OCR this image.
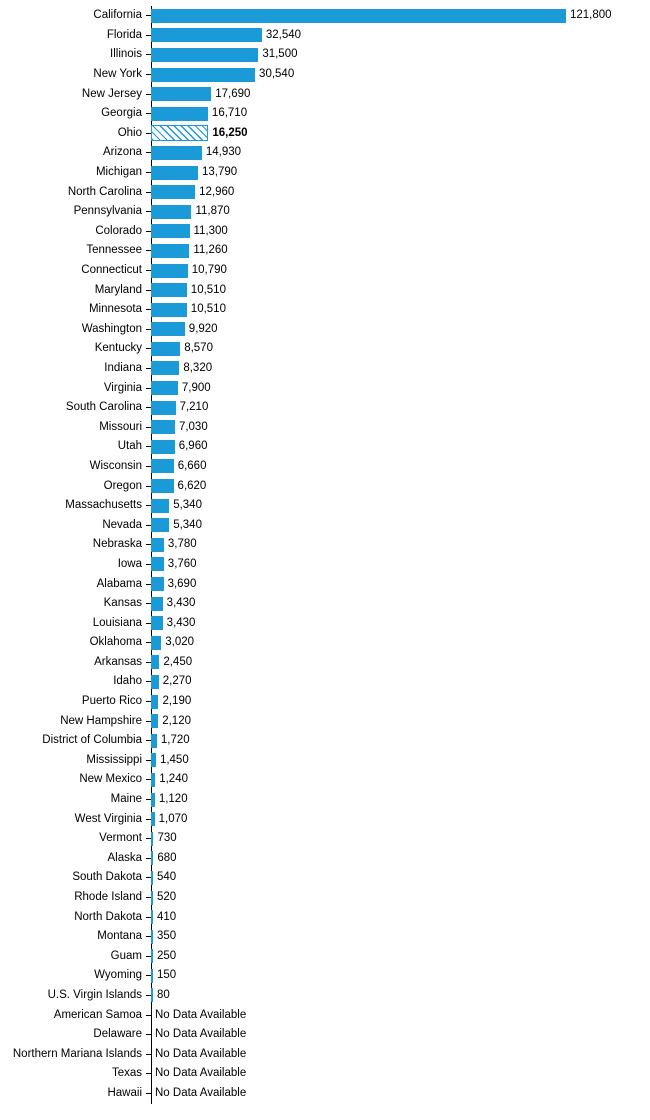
California	121,800
Florida	32,540
Illinois	31,500
New York	30,540
New Jersey	17,690
Georgia	16,710
Ohio	16,250
Arizona	14,930
Michigan	13,790
North Carolina	12,960
Pennsylvania	11,870
Colorado	11,300
Tennessee	11,260
Connecticut	10,790
Maryland	10,510
Minnesota	10,510
Washington	9,920
Kentucky	8,570
Indiana	8,320
Virginia	7,900
South Carolina	7,210
Missouri	7,030
Utah	6,960
Wisconsin	6,660
Oregon	6,620
Massachusetts	5,340
Nevada	5,340
Nebraska	3,780
Iowa	3,760
Alabama	3,690
Kansas	3,430
Louisiana	3,430
Oklahoma	3,020
Arkansas	2,450
Idaho	2,270
Puerto Rico	2,190
New Hampshire	2,120
District of Columbia	1,720
Mississippi	1,450
New Mexico	1,240
Maine	1,120
West Virginia	1,070
Vermont	730
Alaska	680
South Dakota	540
Rhode Island	520
North Dakota	410
Montana	350
Guam	250
Wyoming	150
U.S. Virgin Islands	80
American Samoa	No Data Available
Delaware	No Data Available
Northern Mariana Islands	No Data Available
Texas	No Data Available
Hawaii	No Data Available
